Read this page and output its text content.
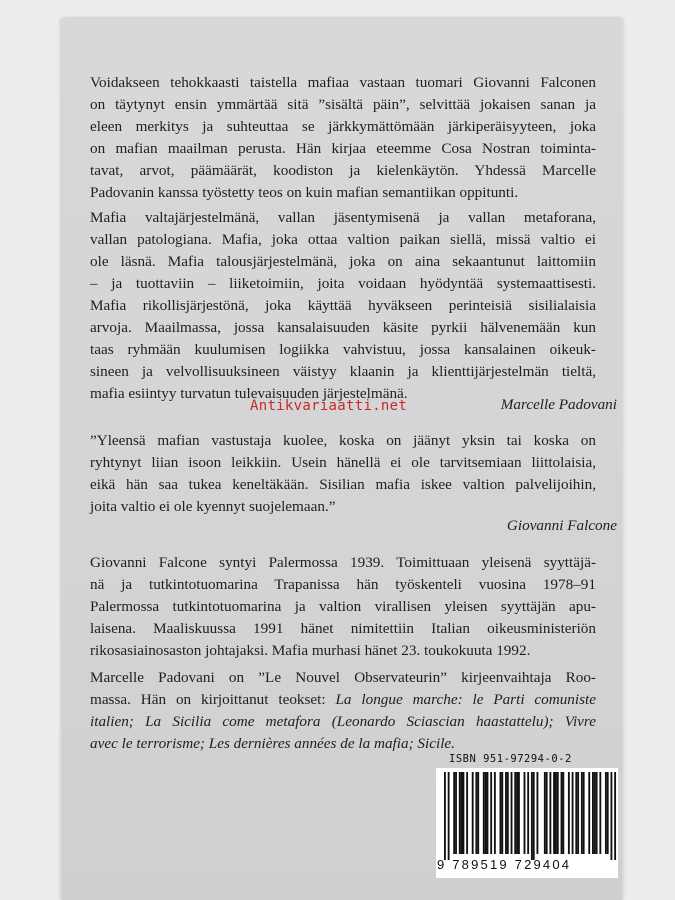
Voidakseen tehokkaasti taistella mafiaa vastaan tuomari Giovanni Falconen
on täytynyt ensin ymmärtää sitä ”sisältä päin”, selvittää jokaisen sanan ja
eleen merkitys ja suhteuttaa se järkkymättömään järkiperäisyyteen, joka
on mafian maailman perusta. Hän kirjaa eteemme Cosa Nostran toiminta-
tavat, arvot, päämäärät, koodiston ja kielenkäytön. Yhdessä Marcelle
Padovanin kanssa työstetty teos on kuin mafian semantiikan oppitunti.
Mafia valtajärjestelmänä, vallan jäsentymisenä ja vallan metaforana,
vallan patologiana. Mafia, joka ottaa valtion paikan siellä, missä valtio ei
ole läsnä. Mafia talousjärjestelmänä, joka on aina sekaantunut laittomiin
– ja tuottaviin – liiketoimiin, joita voidaan hyödyntää systemaattisesti.
Mafia rikollisjärjestönä, joka käyttää hyväkseen perinteisiä sisilialaisia
arvoja. Maailmassa, jossa kansalaisuuden käsite pyrkii hälvenemään kun
taas ryhmään kuulumisen logiikka vahvistuu, jossa kansalainen oikeuk-
sineen ja velvollisuuksineen väistyy klaanin ja klienttijärjestelmän tieltä,
mafia esiintyy turvatun tulevaisuuden järjestelmänä.
Antikvariaatti.net	Marcelle Padovani
”Yleensä mafian vastustaja kuolee, koska on jäänyt yksin tai koska on
ryhtynyt liian isoon leikkiin. Usein hänellä ei ole tarvitsemiaan liittolaisia,
eikä hän saa tukea keneltäkään. Sisilian mafia iskee valtion palvelijoihin,
joita valtio ei ole kyennyt suojelemaan.”
Giovanni Falcone
Giovanni Falcone syntyi Palermossa 1939. Toimittuaan yleisenä syyttäjä-
nä ja tutkintotuomarina Trapanissa hän työskenteli vuosina 1978–91
Palermossa tutkintotuomarina ja valtion virallisen yleisen syyttäjän apu-
laisena. Maaliskuussa 1991 hänet nimitettiin Italian oikeusministeriön
rikosasiainosaston johtajaksi. Mafia murhasi hänet 23. toukokuuta 1992.
Marcelle Padovani on ”Le Nouvel Observateurin” kirjeenvaihtaja Roo-
massa. Hän on kirjoittanut teokset: La longue marche: le Parti comuniste
italien; La Sicilia come metafora (Leonardo Sciascian haastattelu); Vivre
avec le terrorisme; Les dernières années de la mafia; Sicile.
ISBN 951-97294-0-2
9 789519 729404
